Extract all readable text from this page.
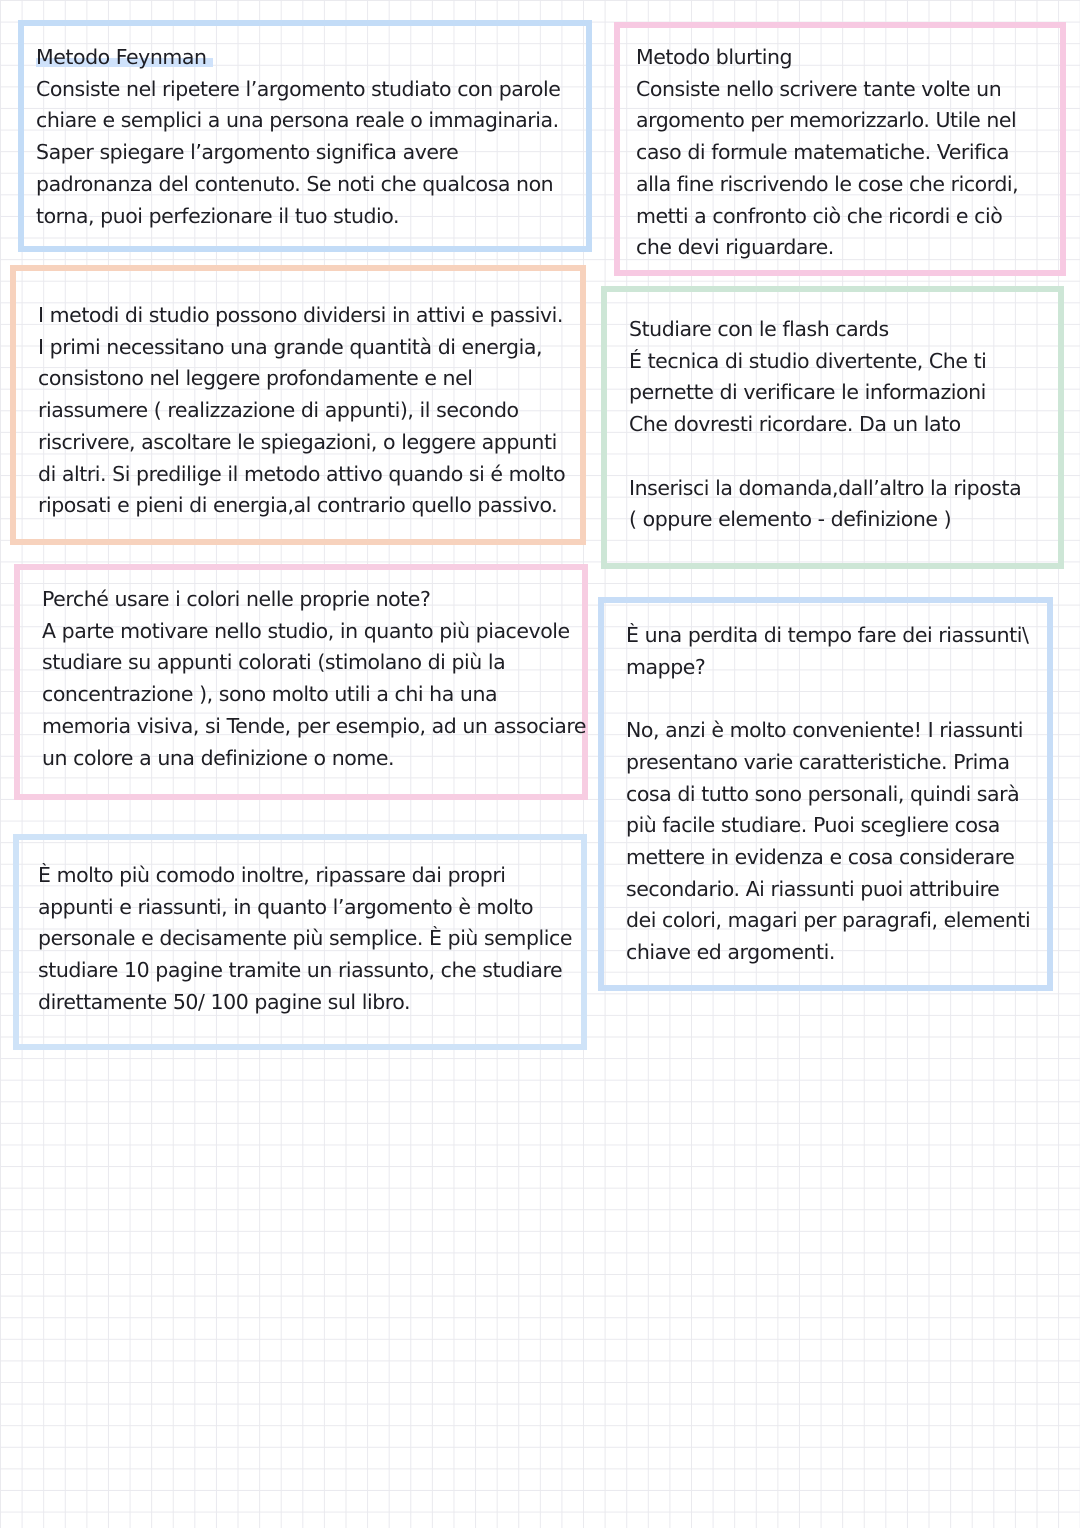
Metodo Feynman
Consiste nel ripetere l’argomento studiato con parole
chiare e semplici a una persona reale o immaginaria.
Saper spiegare l’argomento significa avere
padronanza del contenuto. Se noti che qualcosa non
torna, puoi perfezionare il tuo studio.
Metodo blurting
Consiste nello scrivere tante volte un
argomento per memorizzarlo. Utile nel
caso di formule matematiche. Verifica
alla fine riscrivendo le cose che ricordi,
metti a confronto ciò che ricordi e ciò
che devi riguardare.
I metodi di studio possono dividersi in attivi e passivi.
I primi necessitano una grande quantità di energia,
consistono nel leggere profondamente e nel
riassumere ( realizzazione di appunti), il secondo
riscrivere, ascoltare le spiegazioni, o leggere appunti
di altri. Si predilige il metodo attivo quando si é molto
riposati e pieni di energia,al contrario quello passivo.
Studiare con le flash cards
É tecnica di studio divertente, Che ti
pernette di verificare le informazioni
Che dovresti ricordare. Da un lato
Inserisci la domanda,dall’altro la riposta
( oppure elemento - definizione )
Perché usare i colori nelle proprie note?
A parte motivare nello studio, in quanto più piacevole
studiare su appunti colorati (stimolano di più la
concentrazione ), sono molto utili a chi ha una
memoria visiva, si Tende, per esempio, ad un associare
un colore a una definizione o nome.
È una perdita di tempo fare dei riassunti\
mappe?
No, anzi è molto conveniente! I riassunti
presentano varie caratteristiche. Prima
cosa di tutto sono personali, quindi sarà
più facile studiare. Puoi scegliere cosa
mettere in evidenza e cosa considerare
secondario. Ai riassunti puoi attribuire
dei colori, magari per paragrafi, elementi
chiave ed argomenti.
È molto più comodo inoltre, ripassare dai propri
appunti e riassunti, in quanto l’argomento è molto
personale e decisamente più semplice. È più semplice
studiare 10 pagine tramite un riassunto, che studiare
direttamente 50/ 100 pagine sul libro.
